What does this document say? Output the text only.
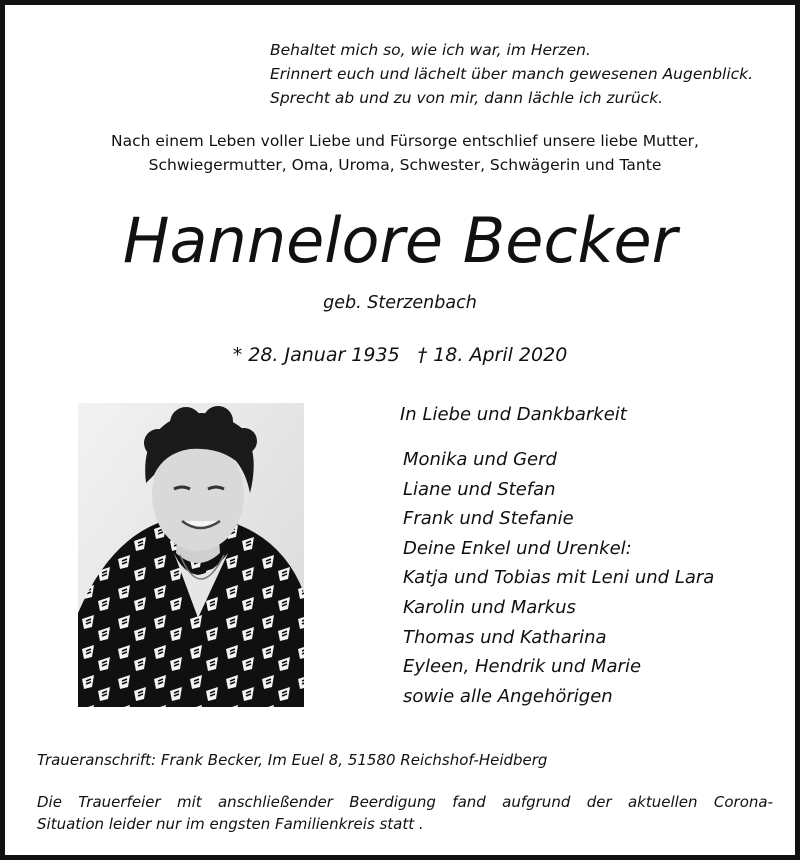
Behaltet mich so, wie ich war, im Herzen.
Erinnert euch und lächelt über manch gewesenen Augenblick.
Sprecht ab und zu von mir, dann lächle ich zurück.
Nach einem Leben voller Liebe und Fürsorge entschlief unsere liebe Mutter,
Schwiegermutter, Oma, Uroma, Schwester, Schwägerin und Tante
Hannelore Becker
geb. Sterzenbach
* 28. Januar 1935 † 18. April 2020
In Liebe und Dankbarkeit
Monika und Gerd
Liane und Stefan
Frank und Stefanie
Deine Enkel und Urenkel:
Katja und Tobias mit Leni und Lara
Karolin und Markus
Thomas und Katharina
Eyleen, Hendrik und Marie
sowie alle Angehörigen
Traueranschrift: Frank Becker, Im Euel 8, 51580 Reichshof-Heidberg
Die Trauerfeier mit anschließender Beerdigung fand aufgrund der aktuellen Corona-
Situation leider nur im engsten Familienkreis statt .
